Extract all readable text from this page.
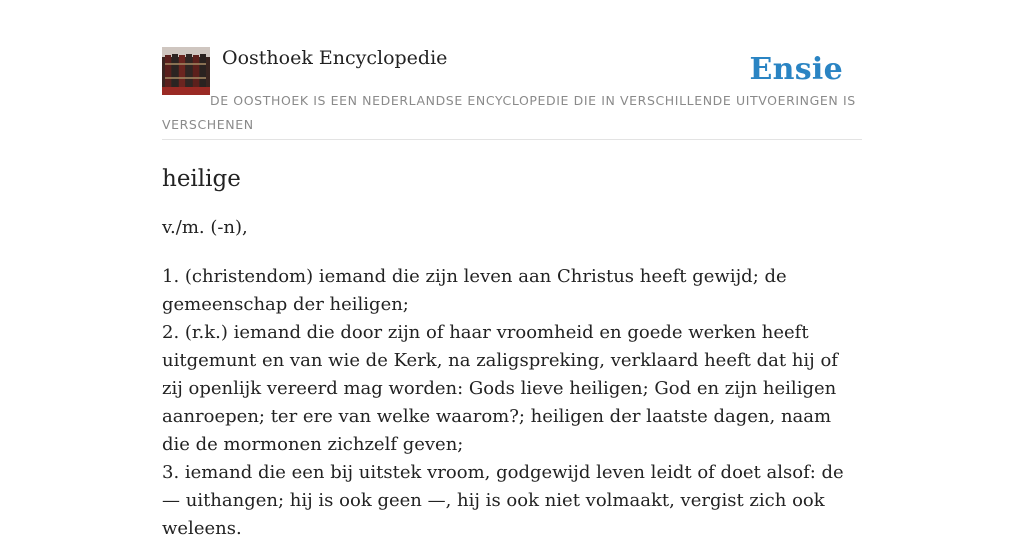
Oosthoek Encyclopedie	Ensie
DE OOSTHOEK IS EEN NEDERLANDSE ENCYCLOPEDIE DIE IN VERSCHILLENDE UITVOERINGEN IS VERSCHENEN
heilige
v./m. (-n),

1. (christendom) iemand die zijn leven aan Christus heeft gewijd; de gemeenschap der heiligen;

2. (r.k.) iemand die door zijn of haar vroomheid en goede werken heeft uitgemunt en van wie de Kerk, na zaligspreking, verklaard heeft dat hij of zij openlijk vereerd mag worden: Gods lieve heiligen; God en zijn heiligen aanroepen; ter ere van welke waarom?; heiligen der laatste dagen, naam die de mormonen zichzelf geven;

3. iemand die een bij uitstek vroom, godgewijd leven leidt of doet alsof: de — uithangen; hij is ook geen —, hij is ook niet volmaakt, vergist zich ook weleens.
